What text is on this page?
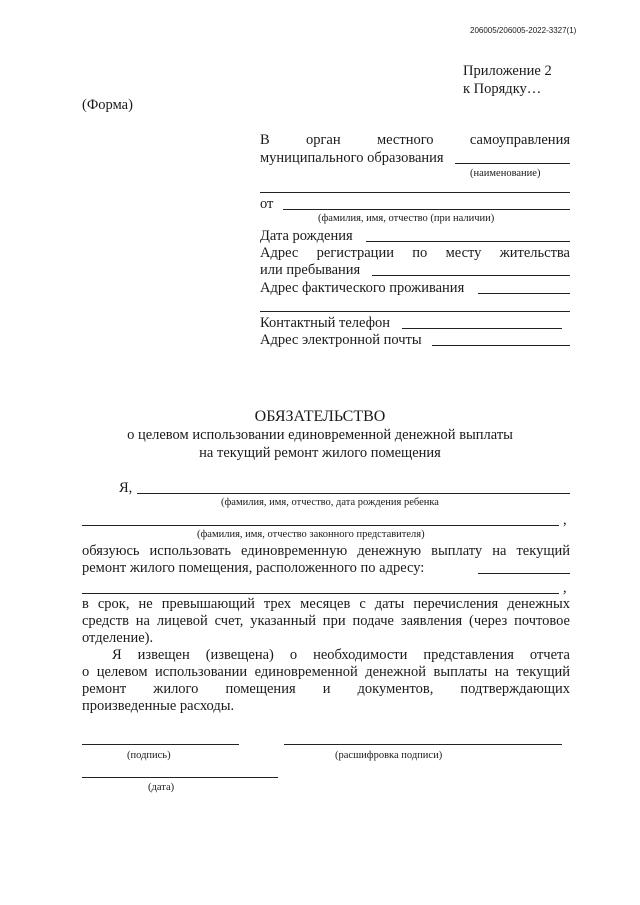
206005/206005-2022-3327(1)
Приложение 2
к Порядку…
(Форма)
В	орган	местного	самоуправления
муниципального образования
(наименование)
от
(фамилия, имя, отчество (при наличии)
Дата рождения
Адрес регистрации по месту жительства
или пребывания
Адрес фактического проживания
Контактный телефон
Адрес электронной почты
ОБЯЗАТЕЛЬСТВО
о целевом использовании единовременной денежной выплаты
на текущий ремонт жилого помещения
Я,
(фамилия, имя, отчество, дата рождения ребенка
,
(фамилия, имя, отчество законного представителя)
обязуюсь использовать единовременную денежную выплату на текущий
ремонт жилого помещения, расположенного по адресу:
,
в срок, не превышающий трех месяцев с даты перечисления денежных
средств на лицевой счет, указанный при подаче заявления (через почтовое
отделение).
Я извещен (извещена) о необходимости представления отчета
о целевом использовании единовременной денежной выплаты на текущий
ремонт жилого помещения и документов, подтверждающих
произведенные расходы.
(подпись)	(расшифровка подписи)
(дата)
